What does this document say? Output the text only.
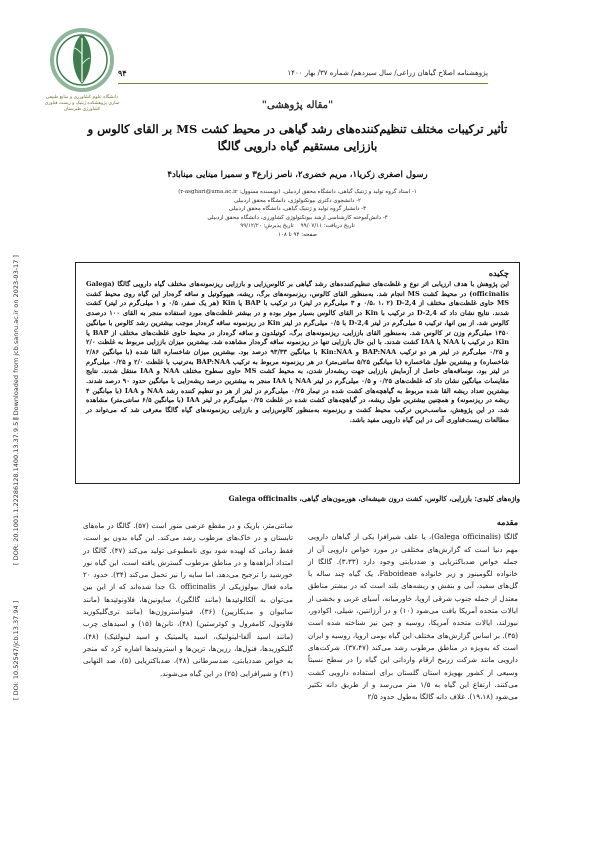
دانشگاه علوم کشاورزی و منابع طبیعی ساری پژوهشکده ژنتیک و زیست فناوری کشاورزی طبرستان
پژوهشنامه اصلاح گیاهان زراعی/ سال سیزدهم/ شماره ۳۷/ بهار ۱۴۰۰
۹۴
"مقاله پژوهشی"
تأثیر ترکیبات مختلف تنظیم‌کننده‌های رشد گیاهی در محیط کشت MS بر القای کالوس و باززایی مستقیم گیاه دارویی گالگا
رسول اصغری زکریا۱، مریم خضری۲، ناصر زارع۳ و سمیرا مینایی میناباد۴
۱- استاد گروه تولید و ژنتیک گیاهی، دانشگاه محقق اردبیلی، (نویسنده مسوول: r-asghari@uma.ac.ir)
۲- دانشجوی دکتری بیوتکنولوژی، دانشگاه محقق اردبیلی
۳- دانشیار گروه تولید و ژنتیک گیاهی، دانشگاه محقق اردبیلی
۴- دانش‌آموخته کارشناسی ارشد بیوتکنولوژی کشاورزی، دانشگاه محقق اردبیلی
تاریخ دریافت: ۹۹/۰۷/۱۱    تاریخ پذیرش: ۹۹/۱۲/۲۰
صفحه: ۹۴ تا ۱۰۸
چکیده
این پژوهش با هدف ارزیابی اثر نوع و غلظت‌های تنظیم‌کننده‌های رشد گیاهی بر کالوس‌زایی و باززایی ریزنمونه‌های مختلف گیاه دارویی گالگا (Galega officinalis) در محیط کشت MS انجام شد. به‌منظور القای کالوس، ریزنمونه‌های برگ، ریشه، هیپوکوتیل و ساقه گره‌دار این گیاه روی محیط کشت MS حاوی غلظت‌های مختلف از 2,4-D (۰/۵، ۱، ۲ و ۳ میلی‌گرم در لیتر) در ترکیب با BAP یا Kin (هر یک صفر، ۰/۵ و ۱ میلی‌گرم در لیتر) کشت شدند. نتایج نشان داد که 2,4-D در ترکیب با Kin در القای کالوس بسیار موثر بوده و در بیشتر غلظت‌های مورد استفاده منجر به القای ۱۰۰ درصدی کالوس شد. از بین انها، ترکیب ۵ میلی‌گرم در لیتر 2,4-D با ۰/۵ میلی‌گرم در لیتر Kin در ریزنمونه ساقه گره‌دار موجب بیشترین رشد کالوس با میانگین ۱۴۵۰ میلی‌گرم وزن تر کالوس شد. به‌منظور القای باززایی، ریزنمونه‌های برگ، کوتیلدون و ساقه گره‌دار در محیط حاوی غلظت‌های مختلف از BAP یا Kin در ترکیب با NAA یا IAA کشت شدند. با این حال باززایی تنها در ریزنمونه ساقه گره‌دار مشاهده شد. بیشترین میزان باززایی مربوط به غلظت ۲/۰ و ۰/۲۵ میلی‌گرم در لیتر هر دو ترکیب BAP:NAA و Kin:NAA با میانگین ۹۳/۳۳ درصد بود. بیشترین میزان شاخساره القا شده (با میانگین ۲/۸۶ شاخساره) و بیشترین طول شاخساره (با میانگین ۵/۲۵ سانتی‌متر) در هر ریزنمونه مربوط به ترکیب BAP:NAA به‌ترتیب با غلظت ۲/۰ و ۰/۲۵ میلی‌گرم در لیتر بود. نوساقه‌های حاصل از آزمایش باززایی جهت ریشه‌دار شدن، به محیط کشت MS حاوی سطوح مختلف NAA و IAA منتقل شدند. نتایج مقایسات میانگین نشان داد که غلظت‌های ۰/۲۵ و ۰/۵ میلی‌گرم در لیتر NAA یا IAA منجر به بیشترین درصد ریشه‌زایی با میانگین حدود ۹۰ درصد شدند. بیشترین تعداد ریشه القا شده مربوط به گیاهچه‌های کشت شده در تیمار ۰/۲۵ میلی‌گرم در لیتر از هر دو تنظیم کننده رشد NAA و IAA (با میانگین ۴ ریشه در ریزنمونه) و همچنین بیشترین طول ریشه، در گیاهچه‌های کشت شده در غلظت ۰/۲۵ میلی‌گرم در لیتر IAA (با میانگین ۶/۵ سانتی‌متر) مشاهده شد. در این پژوهش، مناسب‌ترین ترکیب محیط کشت و ریزنمونه به‌منظور کالوس‌زایی و باززایی ریزنمونه‌های گیاه گالگا معرفی شد که می‌تواند در مطالعات زیست‌فناوری آتی در این گیاه دارویی مفید باشد.
واژه‌های کلیدی: باززایی، کالوس، کشت درون شیشه‌ای، هورمون‌های گیاهی، Galega officinalis
مقدمه
گالگا (Galega officinalis)، یا علف شیرافزا یکی از گیاهان دارویی مهم دنیا است که گزارش‌های مختلفی در مورد خواص دارویی آن از جمله خواص ضدباکتریایی و ضددیابتی وجود دارد (۳،۳۳). گالگا از خانواده لگومینوز و زیر خانواده Faboideae، یک گیاه چند ساله با گل‌های سفید، آبی و بنفش و ریشه‌های بلند است که در بیشتر مناطق معتدل از جمله جنوب شرقی اروپا، خاورمیانه، آسیای غربی و بخشی از ایالات متحده آمریکا یافت می‌شود (۱۰) و در آرژانتین، شیلی، اکوادور، نیوزلند، ایالات متحده آمریکا، روسیه و چین نیز شناخته شده است (۳۵). بر اساس گزارش‌های مختلف این گیاه بومی اروپا، روسیه و ایران است که به‌ویژه در مناطق مرطوب رشد می‌کند (۳۷،۴۷). شرکت‌های دارویی مانند شرکت زرنیخ ارقام وارداتی این گیاه را در سطح نسبتاً وسیعی از کشور بهویژه استان گلستان برای استفاده دارویی کشت می‌کنند. ارتفاع این گیاه به ۱/۵ متر می‌رسد و از طریق دانه تکثیر می‌شود (۱۹،۱۸). غلاف دانه گالگا به‌طول حدود ۲/۵
سانتی‌متر، باریک و در مقطع عرضی منور است (۵۷). گالگا در ماه‌های تابستان و در خاک‌های مرطوب رشد می‌کند. این گیاه بدون بو است، فقط زمانی که لهیده شود بوی نامطبوعی تولید می‌کند (۴۷). گالگا در امتداد آبراهه‌ها و در مناطق مرطوب گسترش یافته است، این گیاه نور خورشید را ترجیح می‌دهد، اما سایه را نیز تحمل می‌کند (۳۴). حدود ۲۰ ماده فعال بیولوژیکی از G. officinalis جدا شده‌اند که از این بین می‌توان به آلکالوئیدها (مانند گالگین)، ساپونین‌ها، فلاونوئیدها (مانند ساتیوان و مدیکارپین) (۳۶)، فیتواستروژن‌ها (مانند تری‌گلیکوزید فلاونول، کامفرول و کوئرستین) (۴۸)، تانن‌ها (۱۵) و اسیدهای چرب (مانند اسید آلفا-لینولنیک، اسید پالمیتیک و اسید لینولئیک) (۴۸)، گلیکوزیدها، فنول‌ها، رزین‌ها، ترپن‌ها و استروئیدها اشاره کرد که منجر به خواص ضددیابتی، ضدسرطانی (۴۸)، ضدباکتریایی (۵)، ضد التهابی (۳۱) و شیرافزایی (۲۵) در این گیاه می‌شوند.
[ Downloaded from jcb.sanru.ac.ir on 2023-03-17 ]
[ DOR: 20.1001.1.22286128.1400.13.37.9.5 ]
[ DOI: 10.52547/jcb.13.37.94 ]
